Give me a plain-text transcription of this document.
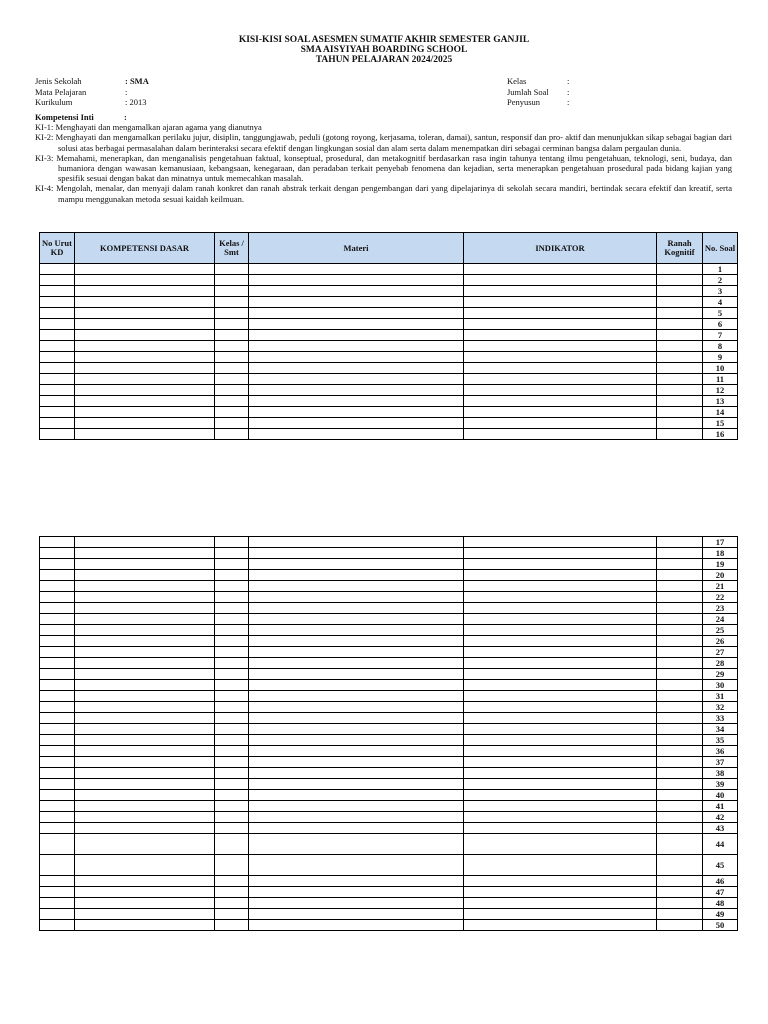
KISI-KISI SOAL ASESMEN SUMATIF AKHIR SEMESTER GANJIL
SMA AISYIYAH BOARDING SCHOOL
TAHUN PELAJARAN 2024/2025
Jenis Sekolah	: SMA
Mata Pelajaran	:
Kurikulum	: 2013
Kelas	:
Jumlah Soal	:
Penyusun	:
Kompetensi Inti	:
KI-1: Menghayati dan mengamalkan ajaran agama yang dianutnya
KI-2: Menghayati dan mengamalkan perilaku jujur, disiplin, tanggungjawab, peduli (gotong royong, kerjasama, toleran, damai), santun, responsif dan pro- aktif dan menunjukkan sikap sebagai bagian dari solusi atas berbagai permasalahan dalam berinteraksi secara efektif dengan lingkungan sosial dan alam serta dalam menempatkan diri sebagai cerminan bangsa dalam pergaulan dunia.
KI-3: Memahami, menerapkan, dan menganalisis pengetahuan faktual, konseptual, prosedural, dan metakognitif berdasarkan rasa ingin tahunya tentang ilmu pengetahuan, teknologi, seni, budaya, dan humaniora dengan wawasan kemanusiaan, kebangsaan, kenegaraan, dan peradaban terkait penyebab fenomena dan kejadian, serta menerapkan pengetahuan prosedural pada bidang kajian yang spesifik sesuai dengan bakat dan minatnya untuk memecahkan masalah.
KI-4: Mengolah, menalar, dan menyaji dalam ranah konkret dan ranah abstrak terkait dengan pengembangan dari yang dipelajarinya di sekolah secara mandiri, bertindak secara efektif dan kreatif, serta mampu menggunakan metoda sesuai kaidah keilmuan.
No Urut KD	KOMPETENSI DASAR	Kelas / Smt	Materi	INDIKATOR	Ranah Kognitif	No. Soal
						1
						2
						3
						4
						5
						6
						7
						8
						9
						10
						11
						12
						13
						14
						15
						16
						17
						18
						19
						20
						21
						22
						23
						24
						25
						26
						27
						28
						29
						30
						31
						32
						33
						34
						35
						36
						37
						38
						39
						40
						41
						42
						43
						44
						45
						46
						47
						48
						49
						50
